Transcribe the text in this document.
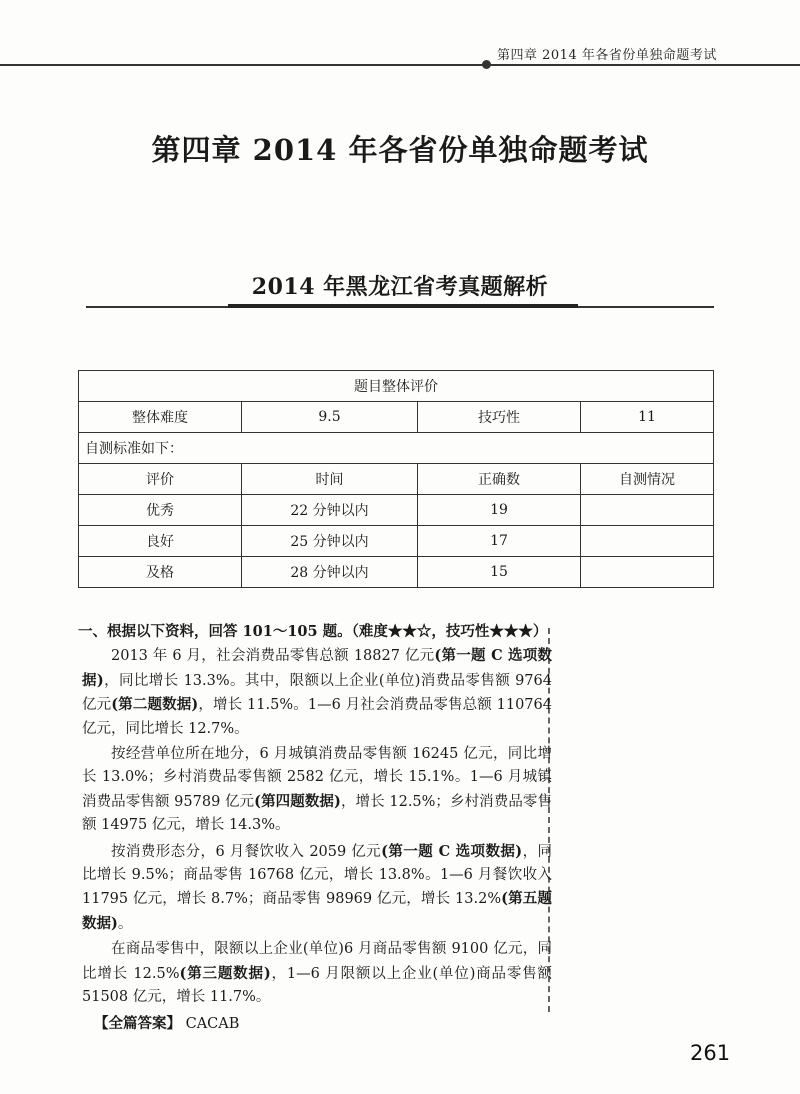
第四章 2014 年各省份单独命题考试
第四章 2014 年各省份单独命题考试
2014 年黑龙江省考真题解析
题目整体评价			
整体难度	9.5	技巧性	11
自测标准如下：			
评价	时间	正确数	自测情况
优秀	22 分钟以内	19	
良好	25 分钟以内	17	
及格	28 分钟以内	15	
一、根据以下资料，回答 101～105 题。（难度★★☆，技巧性★★★）

2013 年 6 月，社会消费品零售总额 18827 亿元(第一题 C 选项数据)，同比增长 13.3%。其中，限额以上企业(单位)消费品零售额 9764 亿元(第二题数据)，增长 11.5%。1—6 月社会消费品零售总额 110764 亿元，同比增长 12.7%。

按经营单位所在地分，6 月城镇消费品零售额 16245 亿元，同比增长 13.0%；乡村消费品零售额 2582 亿元，增长 15.1%。1—6 月城镇消费品零售额 95789 亿元(第四题数据)，增长 12.5%；乡村消费品零售额 14975 亿元，增长 14.3%。

按消费形态分，6 月餐饮收入 2059 亿元(第一题 C 选项数据)，同比增长 9.5%；商品零售 16768 亿元，增长 13.8%。1—6 月餐饮收入 11795 亿元，增长 8.7%；商品零售 98969 亿元，增长 13.2%(第五题数据)。

在商品零售中，限额以上企业(单位)6 月商品零售额 9100 亿元，同比增长 12.5%(第三题数据)，1—6 月限额以上企业(单位)商品零售额 51508 亿元，增长 11.7%。

【全篇答案】 CACAB
261
